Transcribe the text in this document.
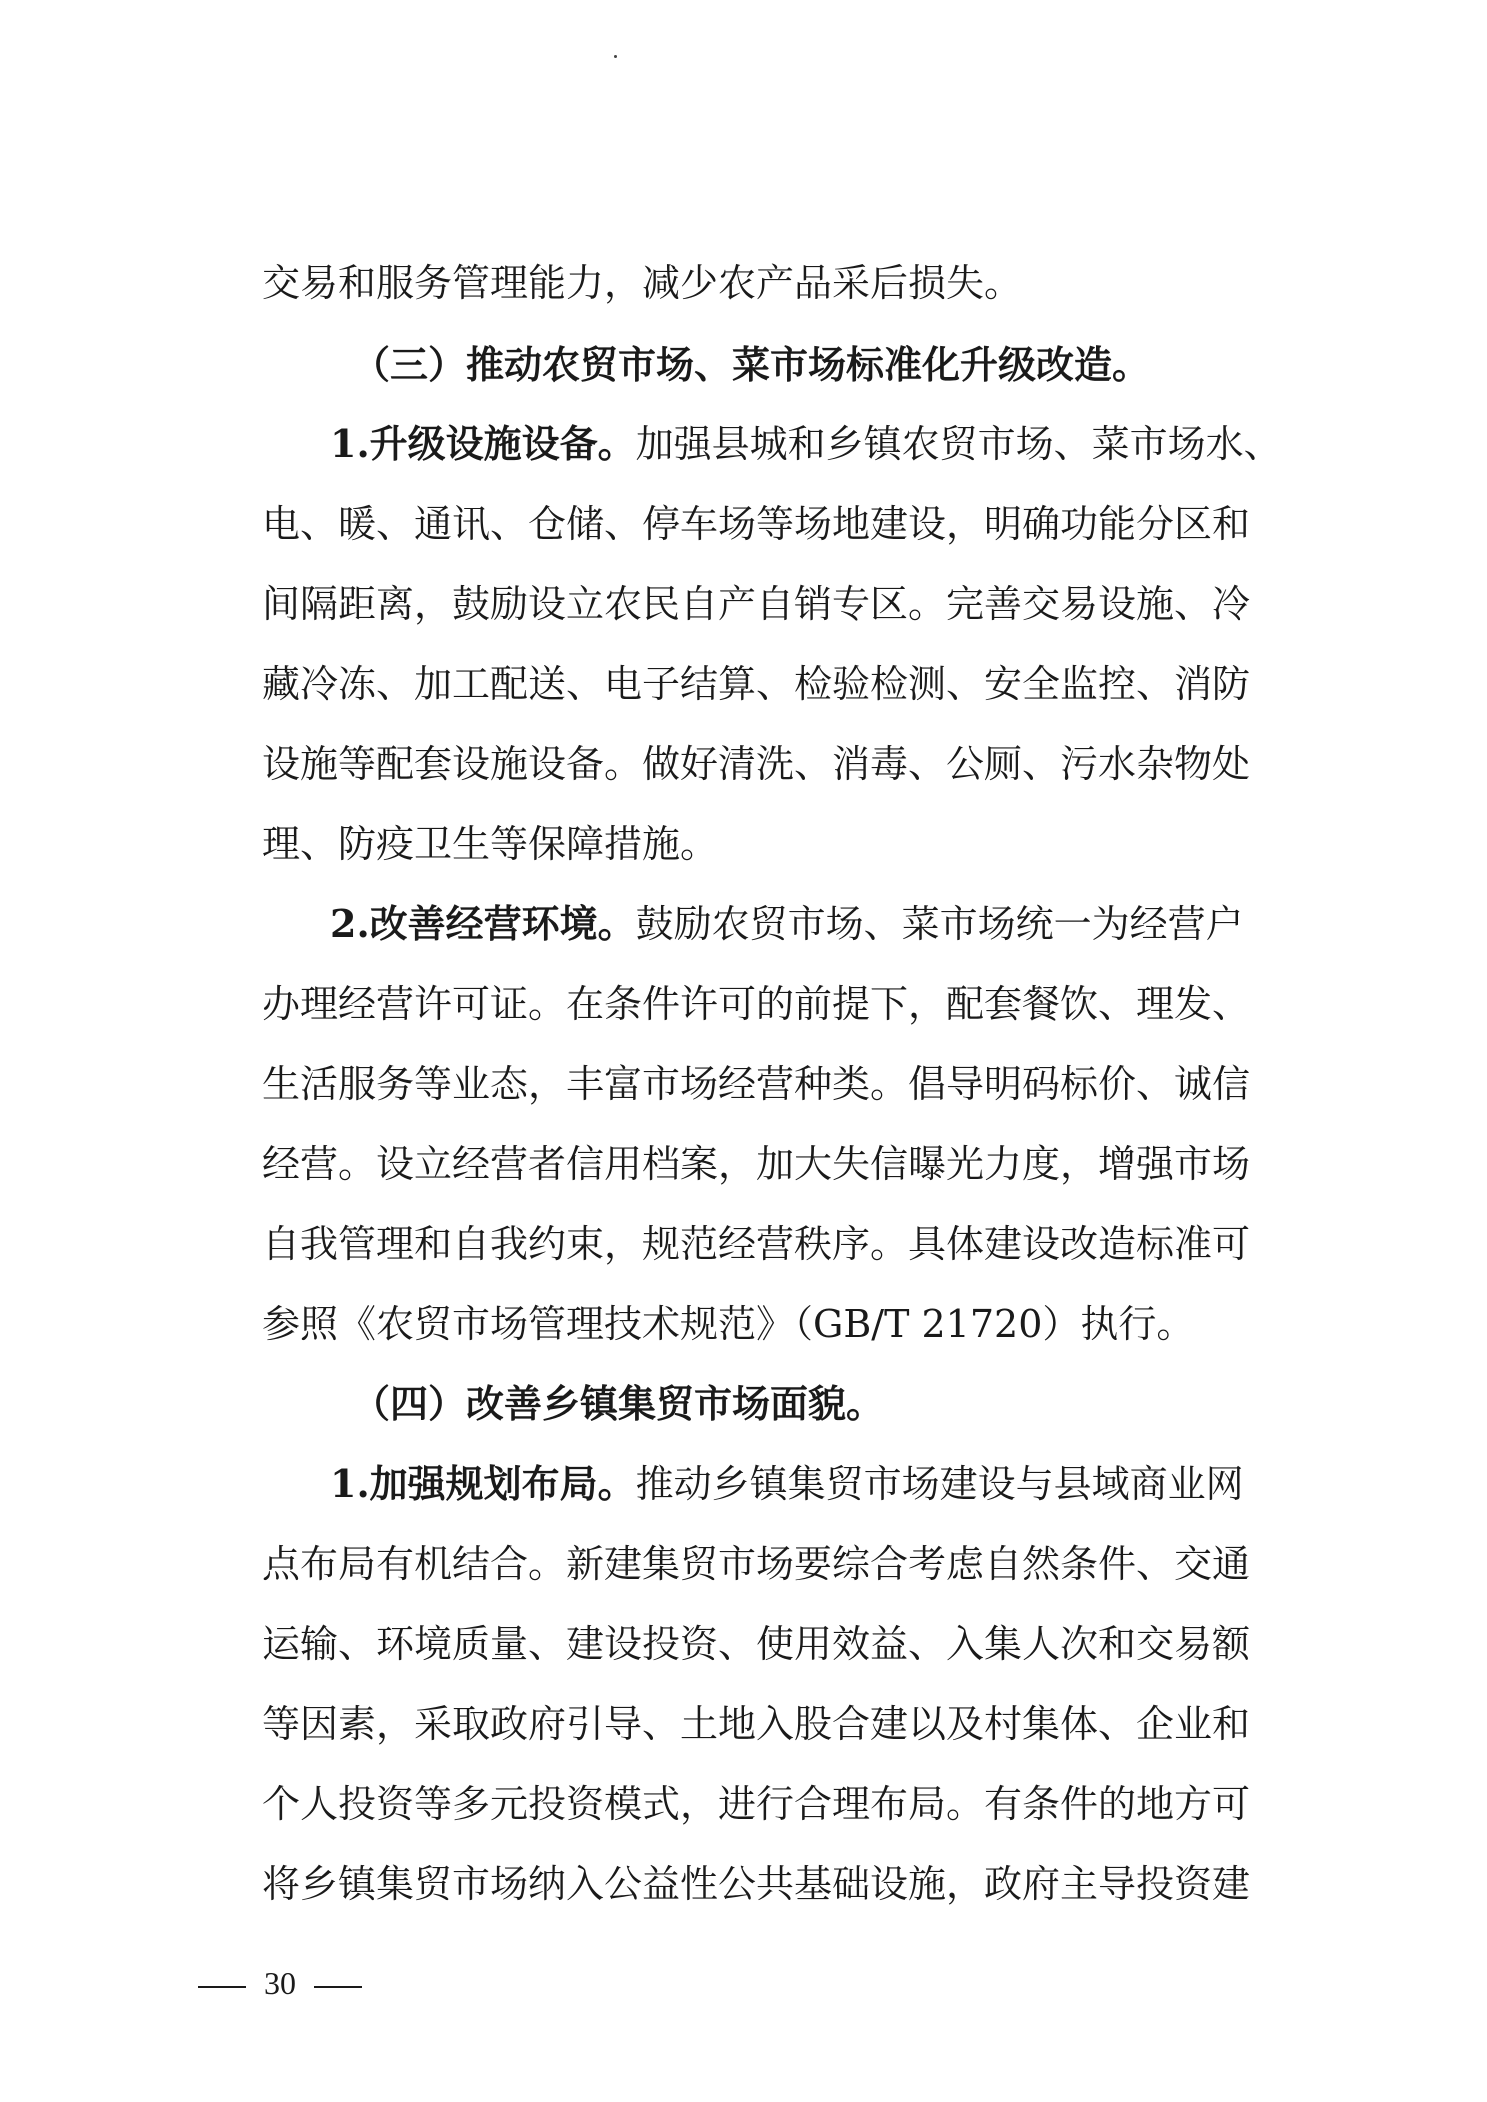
交易和服务管理能力，减少农产品采后损失。
（三）推动农贸市场、菜市场标准化升级改造。
1.升级设施设备。加强县城和乡镇农贸市场、菜市场水、
电、暖、通讯、仓储、停车场等场地建设，明确功能分区和
间隔距离，鼓励设立农民自产自销专区。完善交易设施、冷
藏冷冻、加工配送、电子结算、检验检测、安全监控、消防
设施等配套设施设备。做好清洗、消毒、公厕、污水杂物处
理、防疫卫生等保障措施。
2.改善经营环境。鼓励农贸市场、菜市场统一为经营户
办理经营许可证。在条件许可的前提下，配套餐饮、理发、
生活服务等业态，丰富市场经营种类。倡导明码标价、诚信
经营。设立经营者信用档案，加大失信曝光力度，增强市场
自我管理和自我约束，规范经营秩序。具体建设改造标准可
参照《农贸市场管理技术规范》（GB/T 21720）执行。
（四）改善乡镇集贸市场面貌。
1.加强规划布局。推动乡镇集贸市场建设与县域商业网
点布局有机结合。新建集贸市场要综合考虑自然条件、交通
运输、环境质量、建设投资、使用效益、入集人次和交易额
等因素，采取政府引导、土地入股合建以及村集体、企业和
个人投资等多元投资模式，进行合理布局。有条件的地方可
将乡镇集贸市场纳入公益性公共基础设施，政府主导投资建
30
